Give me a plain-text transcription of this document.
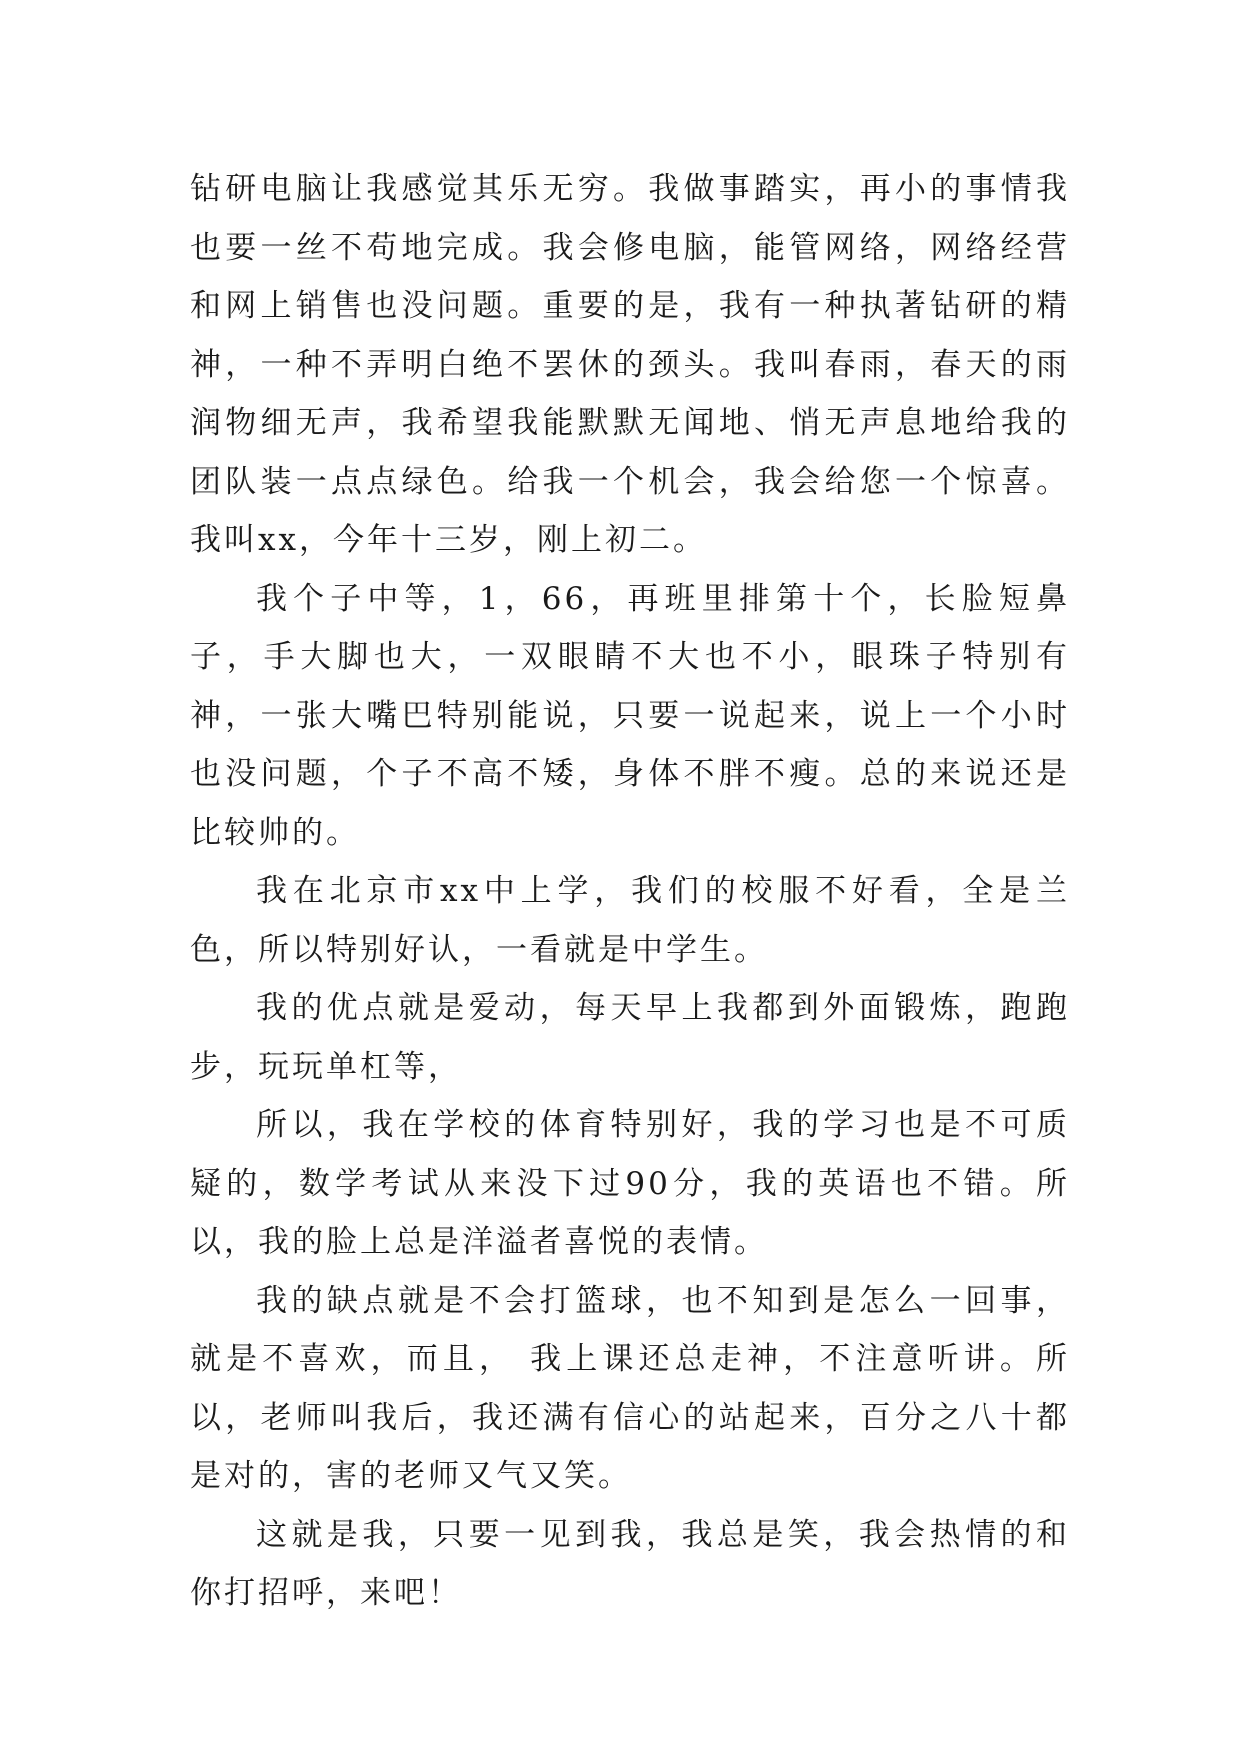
钻研电脑让我感觉其乐无穷。我做事踏实，再小的事情我也要一丝不苟地完成。我会修电脑，能管网络，网络经营和网上销售也没问题。重要的是，我有一种执著钻研的精神，一种不弄明白绝不罢休的颈头。我叫春雨，春天的雨润物细无声，我希望我能默默无闻地、悄无声息地给我的团队装一点点绿色。给我一个机会，我会给您一个惊喜。 我叫xx，今年十三岁，刚上初二。

我个子中等，1，66，再班里排第十个，长脸短鼻子，手大脚也大，一双眼睛不大也不小，眼珠子特别有神，一张大嘴巴特别能说，只要一说起来，说上一个小时也没问题，个子不高不矮，身体不胖不瘦。总的来说还是比较帅的。

我在北京市xx中上学，我们的校服不好看，全是兰色，所以特别好认，一看就是中学生。

我的优点就是爱动，每天早上我都到外面锻炼，跑跑步，玩玩单杠等，

所以，我在学校的体育特别好，我的学习也是不可质疑的，数学考试从来没下过90分，我的英语也不错。所以，我的脸上总是洋溢者喜悦的表情。

我的缺点就是不会打篮球，也不知到是怎么一回事，就是不喜欢，而且， 我上课还总走神，不注意听讲。所以，老师叫我后，我还满有信心的站起来，百分之八十都是对的，害的老师又气又笑。

这就是我，只要一见到我，我总是笑，我会热情的和你打招呼，来吧！
